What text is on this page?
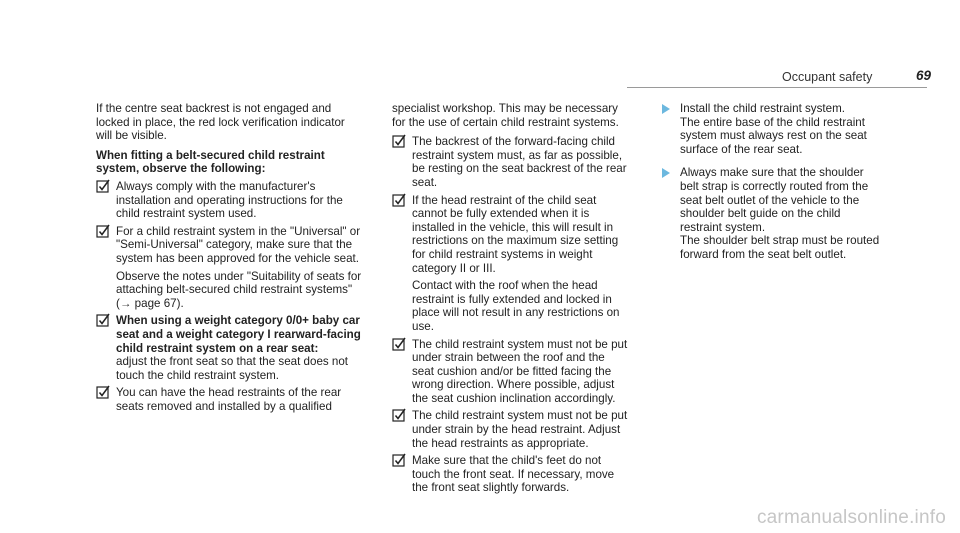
Occupant safety	69

If the centre seat backrest is not engaged and locked in place, the red lock verification indicator will be visible.

When fitting a belt-secured child restraint system, observe the following:

Always comply with the manufacturer's installation and operating instructions for the child restraint system used.
For a child restraint system in the "Universal" or "Semi-Universal" category, make sure that the system has been approved for the vehicle seat.
Observe the notes under "Suitability of seats for attaching belt-secured child restraint systems" (→ page 67).
When using a weight category 0/0+ baby car seat and a weight category I rearward-facing child restraint system on a rear seat:
adjust the front seat so that the seat does not touch the child restraint system.
You can have the head restraints of the rear seats removed and installed by a qualified

specialist workshop. This may be necessary for the use of certain child restraint systems.

The backrest of the forward-facing child restraint system must, as far as possible, be resting on the seat backrest of the rear seat.
If the head restraint of the child seat cannot be fully extended when it is installed in the vehicle, this will result in restrictions on the maximum size setting for child restraint systems in weight category II or III.
Contact with the roof when the head restraint is fully extended and locked in place will not result in any restrictions on use.
The child restraint system must not be put under strain between the roof and the seat cushion and/or be fitted facing the wrong direction. Where possible, adjust the seat cushion inclination accordingly.
The child restraint system must not be put under strain by the head restraint. Adjust the head restraints as appropriate.
Make sure that the child's feet do not touch the front seat. If necessary, move the front seat slightly forwards.
Install the child restraint system.
The entire base of the child restraint system must always rest on the seat surface of the rear seat.
Always make sure that the shoulder belt strap is correctly routed from the seat belt outlet of the vehicle to the shoulder belt guide on the child restraint system.
The shoulder belt strap must be routed forward from the seat belt outlet.
carmanualsonline.info
